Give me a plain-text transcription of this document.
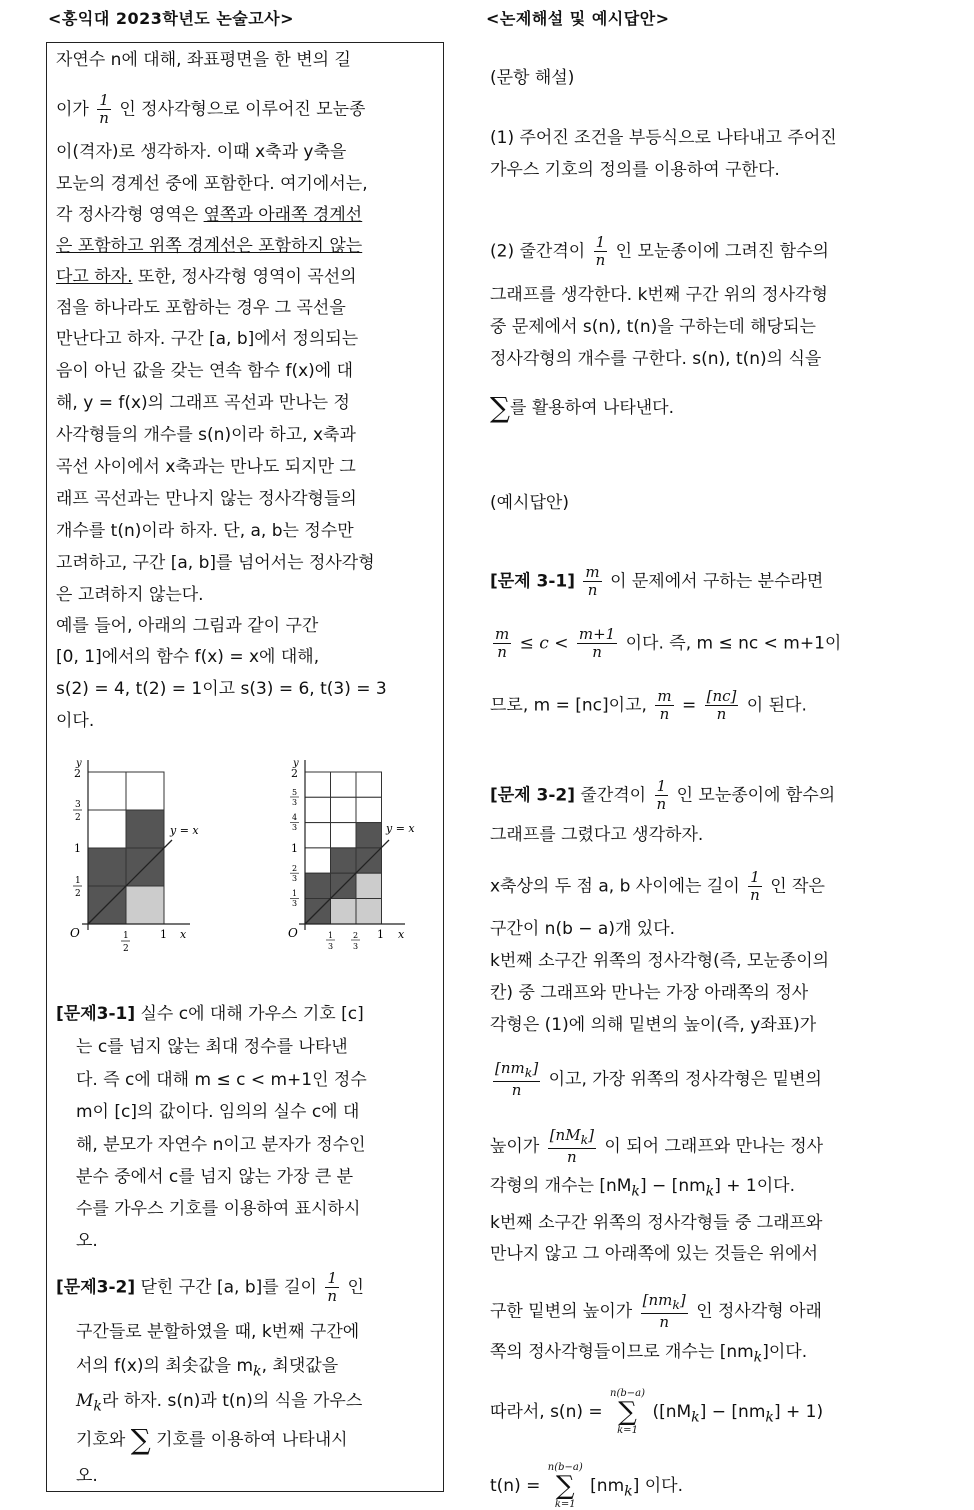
<홍익대 2023학년도 논술고사>	<논제해설 및 예시답안>
자연수 n에 대해, 좌표평면을 한 변의 길
이가 $\frac{1}{n}$ 인 정사각형으로 이루어진 모눈종
이(격자)로 생각하자. 이때 x축과 y축을
모눈의 경계선 중에 포함한다. 여기에서는,
각 정사각형 영역은 옆쪽과 아래쪽 경계선
은 포함하고 위쪽 경계선은 포함하지 않는
다고 하자. 또한, 정사각형 영역이 곡선의
점을 하나라도 포함하는 경우 그 곡선을
만난다고 하자. 구간 [a, b]에서 정의되는
음이 아닌 값을 갖는 연속 함수 f(x)에 대
해, y = f(x)의 그래프 곡선과 만나는 정
사각형들의 개수를 s(n)이라 하고, x축과
곡선 사이에서 x축과는 만나도 되지만 그
래프 곡선과는 만나지 않는 정사각형들의
개수를 t(n)이라 하자. 단, a, b는 정수만
고려하고, 구간 [a, b]를 넘어서는 정사각형
은 고려하지 않는다.
예를 들어, 아래의 그림과 같이 구간
[0, 1]에서의 함수 f(x) = x에 대해,
s(2) = 4, t(2) = 1이고 s(3) = 6, t(3) = 3
이다.
y
x
O
y = x
2
3
2
1
1
2
1
2
1
y
x
O
y = x
2
5
3
4
3
1
2
3
1
3
1
3
2
3
1
[문제3-1] 실수 c에 대해 가우스 기호 [c]
는 c를 넘지 않는 최대 정수를 나타낸
다. 즉 c에 대해 m ≤ c < m+1인 정수
m이 [c]의 값이다. 임의의 실수 c에 대
해, 분모가 자연수 n이고 분자가 정수인
분수 중에서 c를 넘지 않는 가장 큰 분
수를 가우스 기호를 이용하여 표시하시
오.
[문제3-2] 닫힌 구간 [a, b]를 길이 $\frac{1}{n}$ 인
구간들로 분할하였을 때, k번째 구간에
서의 f(x)의 최솟값을 $m_k$, 최댓값을
$M_k$라 하자. s(n)과 t(n)의 식을 가우스
기호와 ∑ 기호를 이용하여 나타내시
오.
(문항 해설)
(1) 주어진 조건을 부등식으로 나타내고 주어진
가우스 기호의 정의를 이용하여 구한다.
(2) 줄간격이 $\frac{1}{n}$ 인 모눈종이에 그려진 함수의
그래프를 생각한다. k번째 구간 위의 정사각형
중 문제에서 s(n), t(n)을 구하는데 해당되는
정사각형의 개수를 구한다. s(n), t(n)의 식을
∑를 활용하여 나타낸다.
(예시답안)
[문제 $3-1] \frac{m}{n}$ 이 문제에서 구하는 분수라면
$\frac{m}{n} \le c < \frac{m+1}{n}$ 이다. 즉, m ≤ nc < m+1이
므로, m = [nc]이고, $\frac{m}{n} = \frac{[nc]}{n}$ 이 된다.
[문제 3-2] 줄간격이 $\frac{1}{n}$ 인 모눈종이에 함수의
그래프를 그렸다고 생각하자.
x축상의 두 점 a, b 사이에는 길이 $\frac{1}{n}$ 인 작은
구간이 n(b − a)개 있다.
k번째 소구간 위쪽의 정사각형(즉, 모눈종이의
칸) 중 그래프와 만나는 가장 아래쪽의 정사
각형은 (1)에 의해 밑변의 높이(즉, y좌표)가
$\frac{[nm_k]}{n}$ 이고, 가장 위쪽의 정사각형은 밑변의
높이가 $\frac{[nM_k]}{n}$ 이 되어 그래프와 만나는 정사
각형의 개수는 $[nM_k] - [nm_k] + 1$이다.
k번째 소구간 위쪽의 정사각형들 중 그래프와
만나지 않고 그 아래쪽에 있는 것들은 위에서
구한 밑변의 높이가 $\frac{[nm_k]}{n}$ 인 정사각형 아래
쪽의 정사각형들이므로 개수는 $[nm_k]$이다.
따라서, s(n) =
n(b−a)
∑
k=1
$([nM_k] - [nm_k] + 1)$
t(n) =
n(b−a)
∑
k=1
$[nm_k]$ 이다.
